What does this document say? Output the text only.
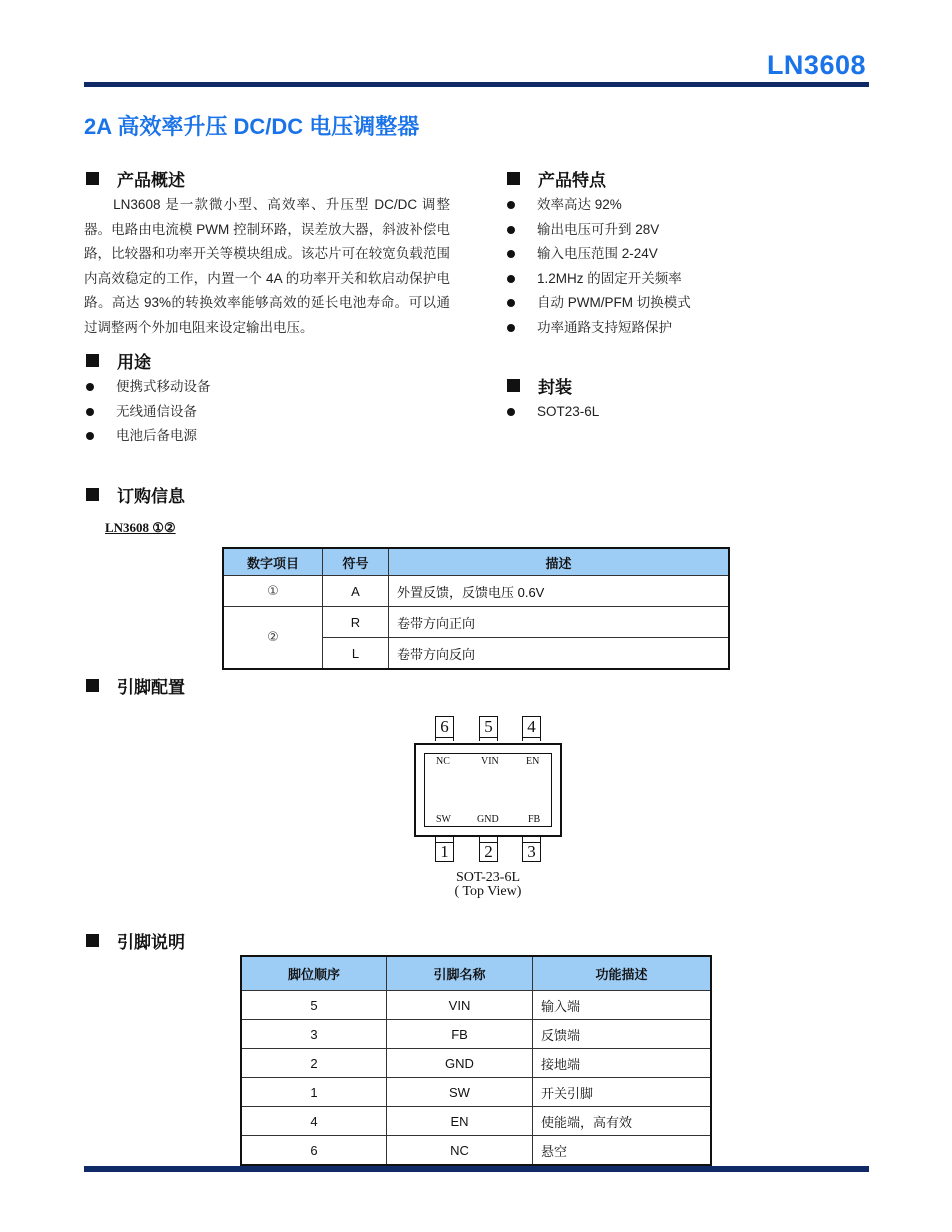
LN3608
2A 高效率升压 DC/DC 电压调整器
产品概述
　　LN3608 是一款微小型、高效率、升压型 DC/DC 调整器。电路由电流模 PWM 控制环路，误差放大器，斜波补偿电路，比较器和功率开关等模块组成。该芯片可在较宽负载范围内高效稳定的工作，内置一个 4A 的功率开关和软启动保护电路。高达 93%的转换效率能够高效的延长电池寿命。可以通过调整两个外加电阻来设定输出电压。
产品特点
效率高达 92%
输出电压可升到 28V
输入电压范围 2-24V
1.2MHz 的固定开关频率
自动 PWM/PFM 切换模式
功率通路支持短路保护
用途
便携式移动设备
无线通信设备
电池后备电源
封装
SOT23-6L
订购信息
LN3608 ①②
数字项目	符号	描述
①	A	外置反馈，反馈电压 0.6V
②	R	卷带方向正向
	L	卷带方向反向
引脚配置
6	5	4
NC	VIN	EN
SW	GND	FB
1	2	3
SOT-23-6L
( Top View)
引脚说明
脚位顺序	引脚名称	功能描述
5	VIN	输入端
3	FB	反馈端
2	GND	接地端
1	SW	开关引脚
4	EN	使能端，高有效
6	NC	悬空
